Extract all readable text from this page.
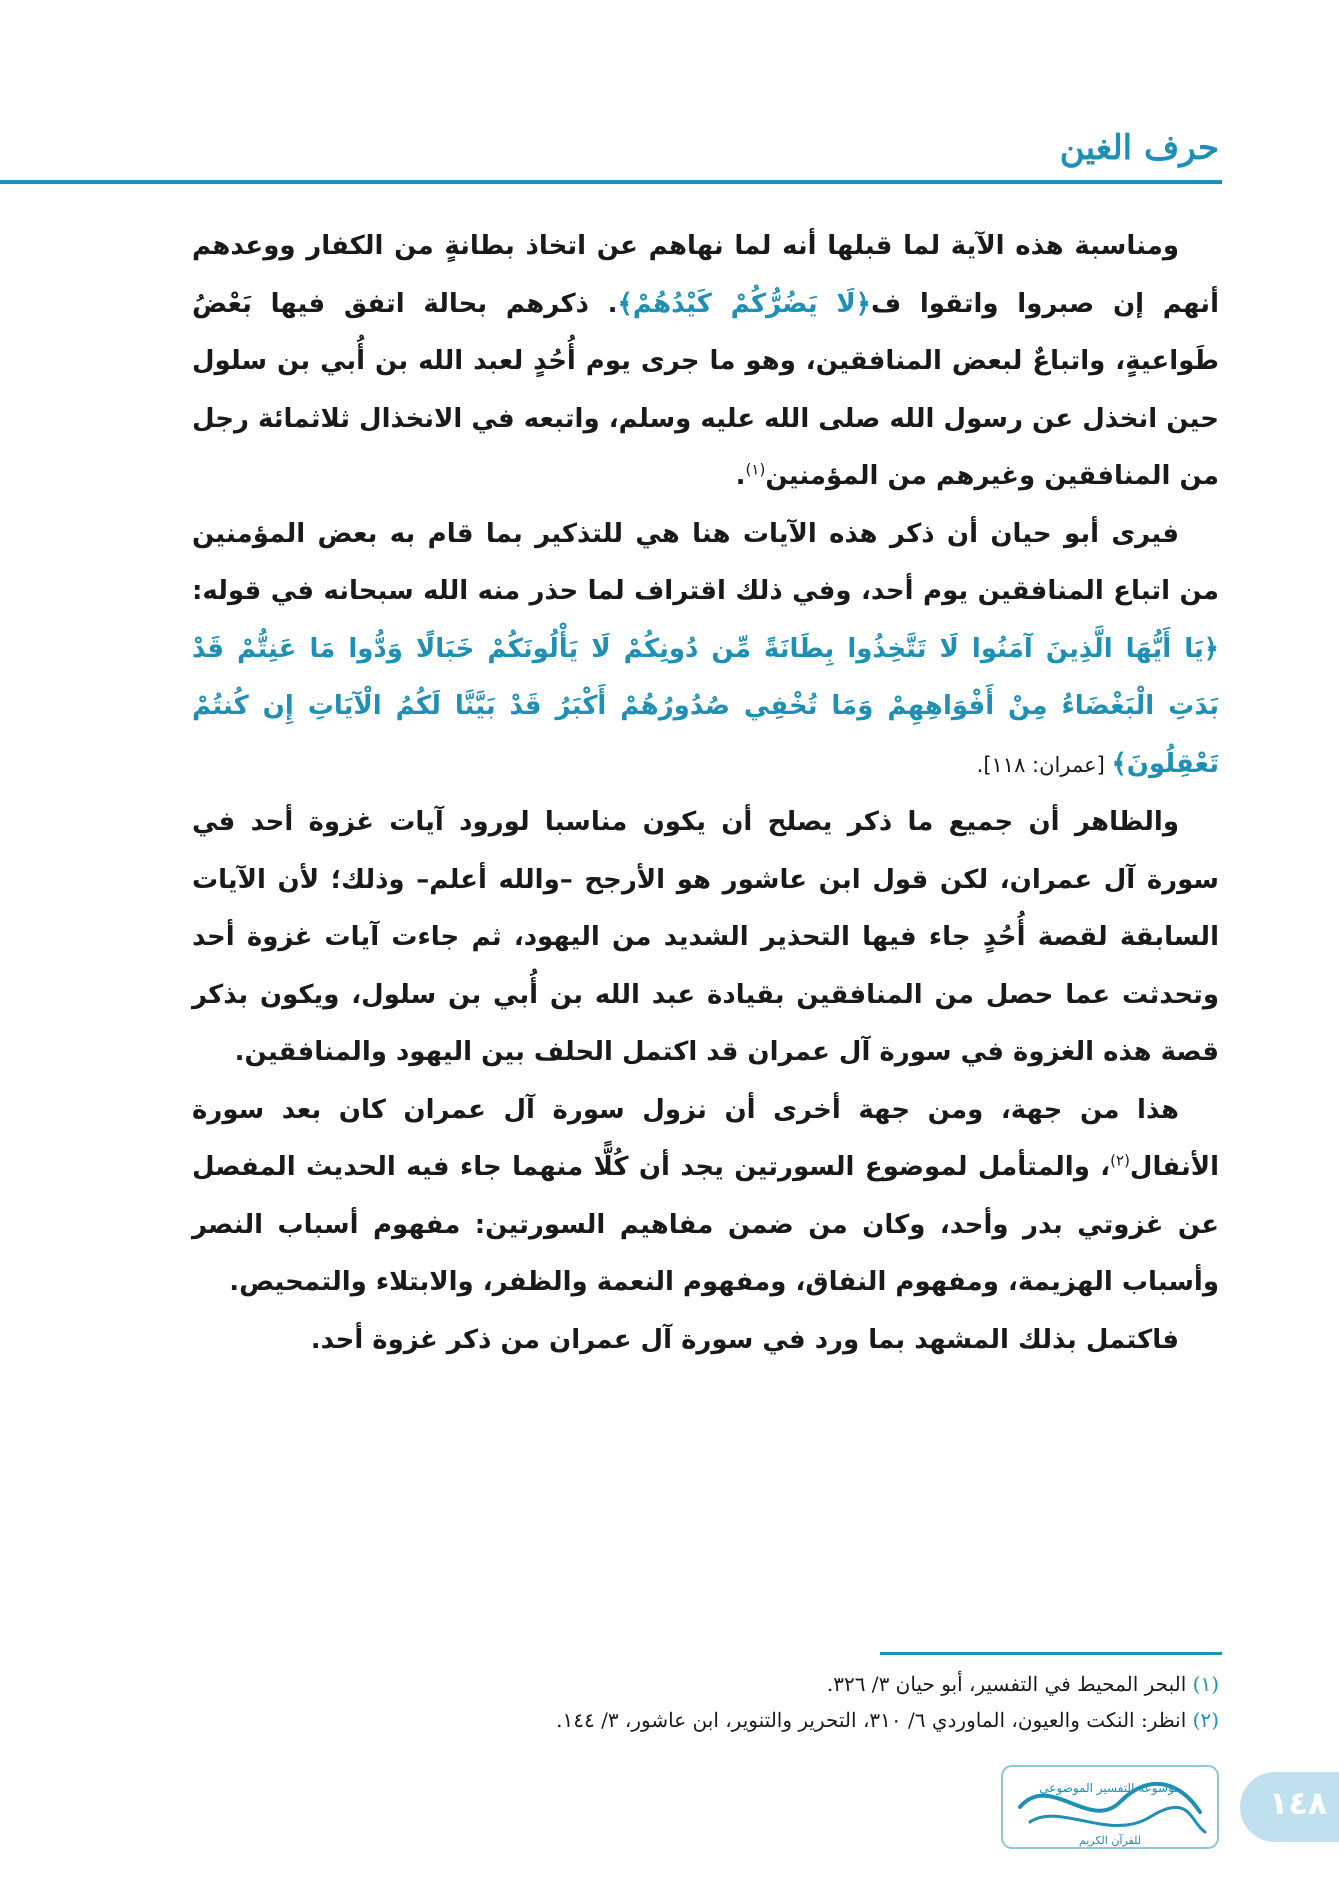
حرف الغين

ومناسبة هذه الآية لما قبلها أنه لما نهاهم عن اتخاذ بطانةٍ من الكفار ووعدهم أنهم إن صبروا واتقوا ف﴿لَا يَضُرُّكُمْ كَيْدُهُمْ﴾. ذكرهم بحالة اتفق فيها بَعْضُ طَواعيةٍ، واتباعٌ لبعض المنافقين، وهو ما جرى يوم أُحُدٍ لعبد الله بن أُبي بن سلول حين انخذل عن رسول الله صلى الله عليه وسلم، واتبعه في الانخذال ثلاثمائة رجل من المنافقين وغيرهم من المؤمنين$^{(١)}$.

فيرى أبو حيان أن ذكر هذه الآيات هنا هي للتذكير بما قام به بعض المؤمنين من اتباع المنافقين يوم أحد، وفي ذلك اقتراف لما حذر منه الله سبحانه في قوله: ﴿يَا أَيُّهَا الَّذِينَ آمَنُوا لَا تَتَّخِذُوا بِطَانَةً مِّن دُونِكُمْ لَا يَأْلُونَكُمْ خَبَالًا وَدُّوا مَا عَنِتُّمْ قَدْ بَدَتِ الْبَغْضَاءُ مِنْ أَفْوَاهِهِمْ وَمَا تُخْفِي صُدُورُهُمْ أَكْبَرُ قَدْ بَيَّنَّا لَكُمُ الْآيَاتِ إِن كُنتُمْ تَعْقِلُونَ﴾ [عمران: ١١٨].

والظاهر أن جميع ما ذكر يصلح أن يكون مناسبا لورود آيات غزوة أحد في سورة آل عمران، لكن قول ابن عاشور هو الأرجح –والله أعلم– وذلك؛ لأن الآيات السابقة لقصة أُحُدٍ جاء فيها التحذير الشديد من اليهود، ثم جاءت آيات غزوة أحد وتحدثت عما حصل من المنافقين بقيادة عبد الله بن أُبي بن سلول، ويكون بذكر قصة هذه الغزوة في سورة آل عمران قد اكتمل الحلف بين اليهود والمنافقين.

هذا من جهة، ومن جهة أخرى أن نزول سورة آل عمران كان بعد سورة الأنفال$^{(٢)}$، والمتأمل لموضوع السورتين يجد أن كُلًّا منهما جاء فيه الحديث المفصل عن غزوتي بدر وأحد، وكان من ضمن مفاهيم السورتين: مفهوم أسباب النصر وأسباب الهزيمة، ومفهوم النفاق، ومفهوم النعمة والظفر، والابتلاء والتمحيص.

فاكتمل بذلك المشهد بما ورد في سورة آل عمران من ذكر غزوة أحد.

(١) البحر المحيط في التفسير، أبو حيان ٣/ ٣٢٦.

(٢) انظر: النكت والعيون، الماوردي ٦/ ٣١٠، التحرير والتنوير، ابن عاشور، ٣/ ١٤٤.

موسوعة التفسير الموضوعي
للقرآن الكريم
١٤٨
